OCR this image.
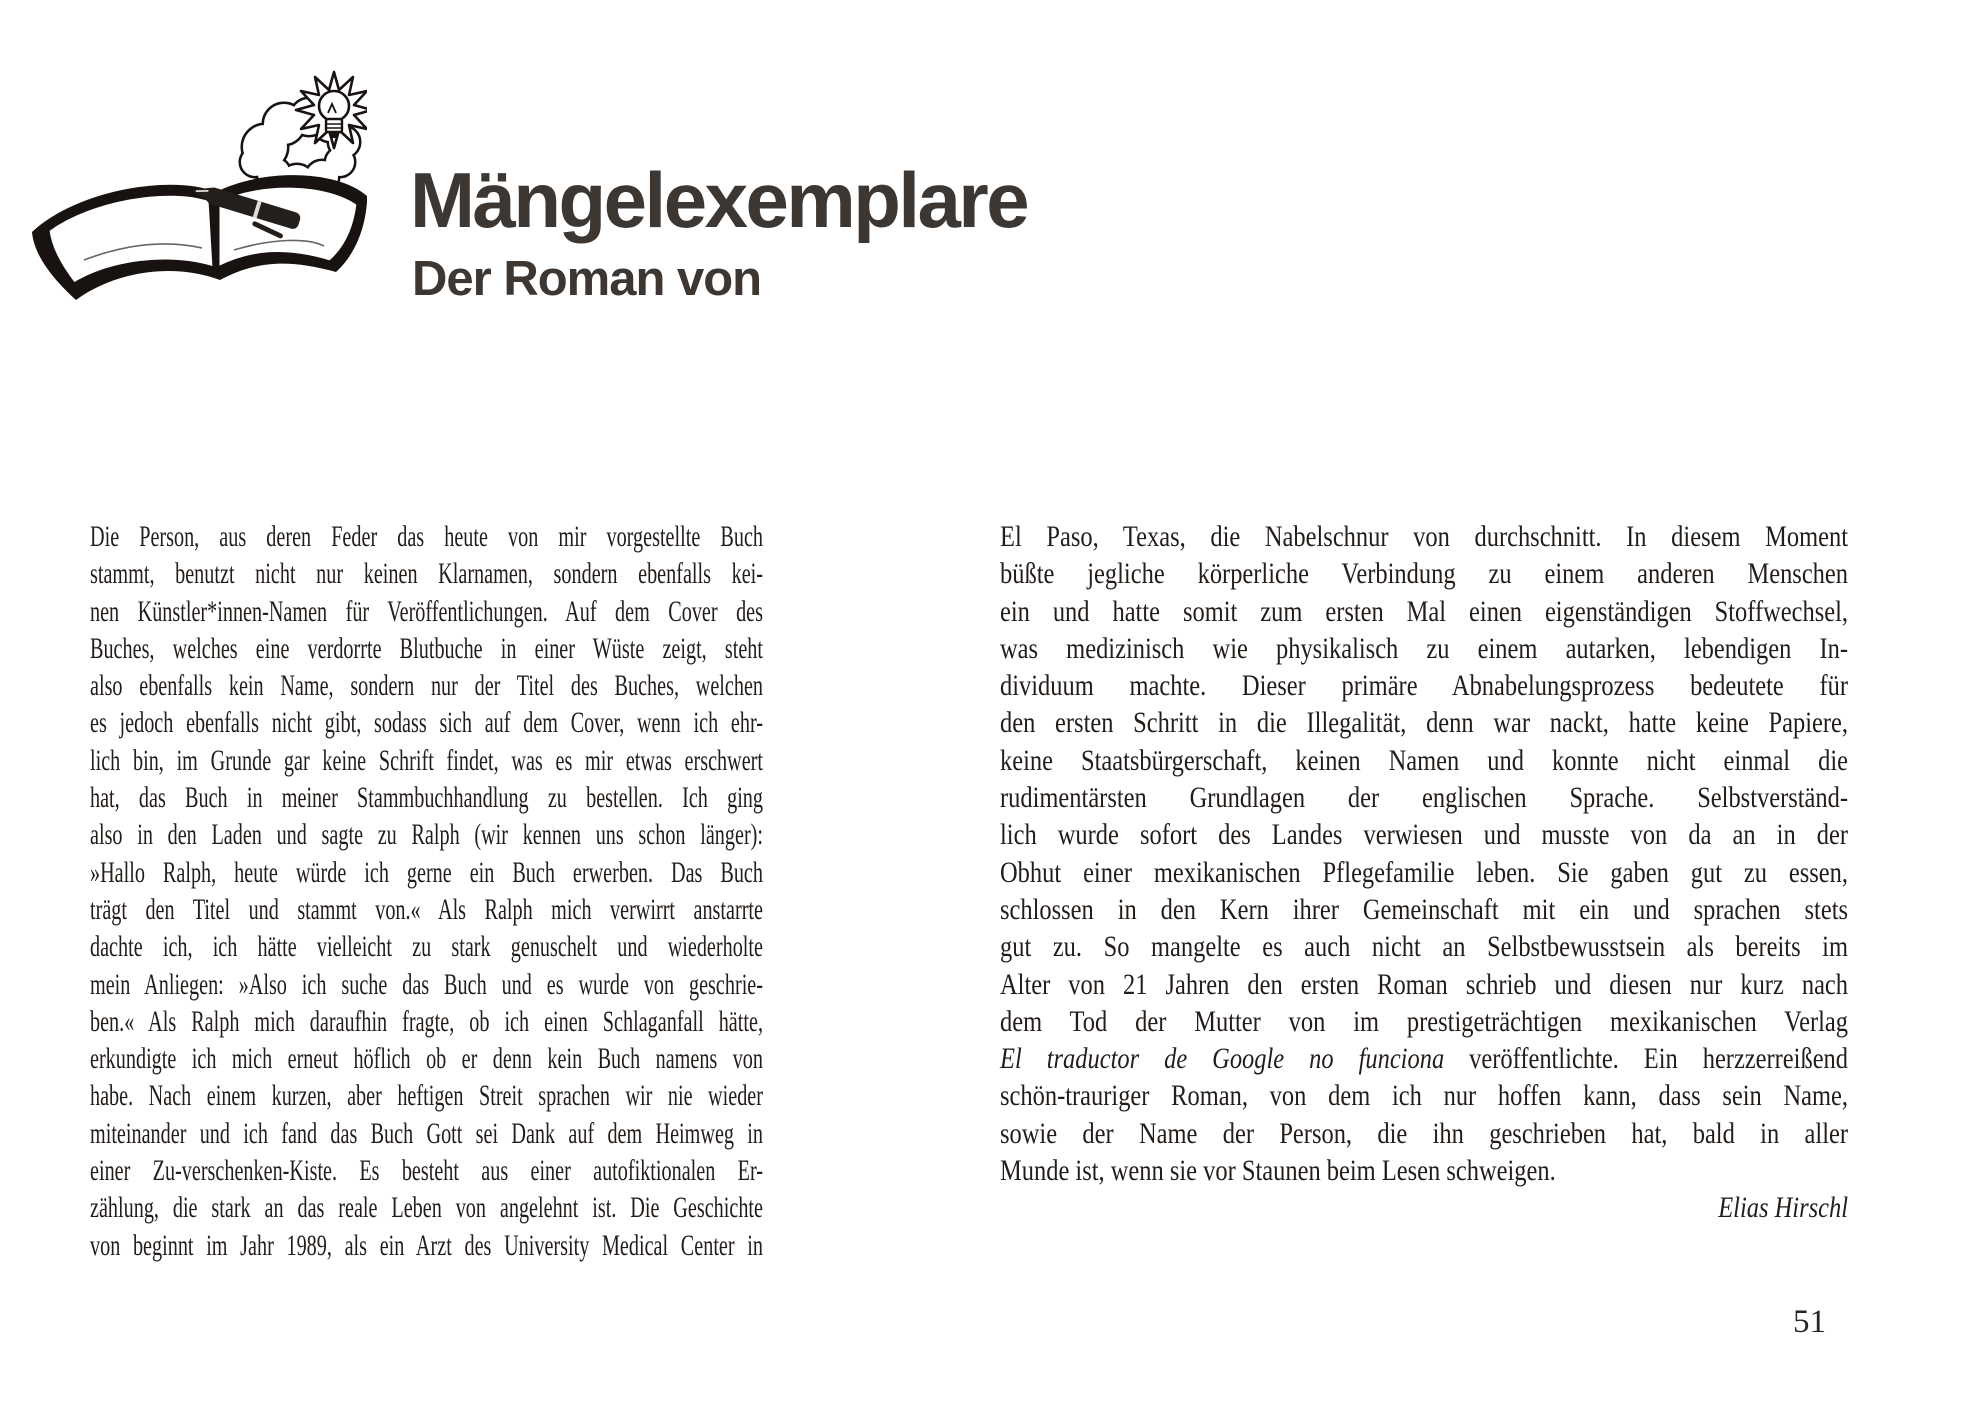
Mängelexemplare
Der Roman von
Die Person, aus deren Feder das heute von mir vorgestellte Buch
stammt, benutzt nicht nur keinen Klarnamen, sondern ebenfalls kei-
nen Künstler*innen-Namen für Veröffentlichungen. Auf dem Cover des
Buches, welches eine verdorrte Blutbuche in einer Wüste zeigt, steht
also ebenfalls kein Name, sondern nur der Titel des Buches, welchen
es jedoch ebenfalls nicht gibt, sodass sich auf dem Cover, wenn ich ehr-
lich bin, im Grunde gar keine Schrift findet, was es mir etwas erschwert
hat, das Buch in meiner Stammbuchhandlung zu bestellen. Ich ging
also in den Laden und sagte zu Ralph (wir kennen uns schon länger):
»Hallo Ralph, heute würde ich gerne ein Buch erwerben. Das Buch
trägt den Titel und stammt von.« Als Ralph mich verwirrt anstarrte
dachte ich, ich hätte vielleicht zu stark genuschelt und wiederholte
mein Anliegen: »Also ich suche das Buch und es wurde von geschrie-
ben.« Als Ralph mich daraufhin fragte, ob ich einen Schlaganfall hätte,
erkundigte ich mich erneut höflich ob er denn kein Buch namens von
habe. Nach einem kurzen, aber heftigen Streit sprachen wir nie wieder
miteinander und ich fand das Buch Gott sei Dank auf dem Heimweg in
einer Zu-verschenken-Kiste. Es besteht aus einer autofiktionalen Er-
zählung, die stark an das reale Leben von angelehnt ist. Die Geschichte
von beginnt im Jahr 1989, als ein Arzt des University Medical Center in
El Paso, Texas, die Nabelschnur von durchschnitt. In diesem Moment
büßte jegliche körperliche Verbindung zu einem anderen Menschen
ein und hatte somit zum ersten Mal einen eigenständigen Stoffwechsel,
was medizinisch wie physikalisch zu einem autarken, lebendigen In-
dividuum machte. Dieser primäre Abnabelungsprozess bedeutete für
den ersten Schritt in die Illegalität, denn war nackt, hatte keine Papiere,
keine Staatsbürgerschaft, keinen Namen und konnte nicht einmal die
rudimentärsten Grundlagen der englischen Sprache. Selbstverständ-
lich wurde sofort des Landes verwiesen und musste von da an in der
Obhut einer mexikanischen Pflegefamilie leben. Sie gaben gut zu essen,
schlossen in den Kern ihrer Gemeinschaft mit ein und sprachen stets
gut zu. So mangelte es auch nicht an Selbstbewusstsein als bereits im
Alter von 21 Jahren den ersten Roman schrieb und diesen nur kurz nach
dem Tod der Mutter von im prestigeträchtigen mexikanischen Verlag
El traductor de Google no funciona veröffentlichte. Ein herzzerreißend
schön-trauriger Roman, von dem ich nur hoffen kann, dass sein Name,
sowie der Name der Person, die ihn geschrieben hat, bald in aller
Munde ist, wenn sie vor Staunen beim Lesen schweigen.
Elias Hirschl
51
